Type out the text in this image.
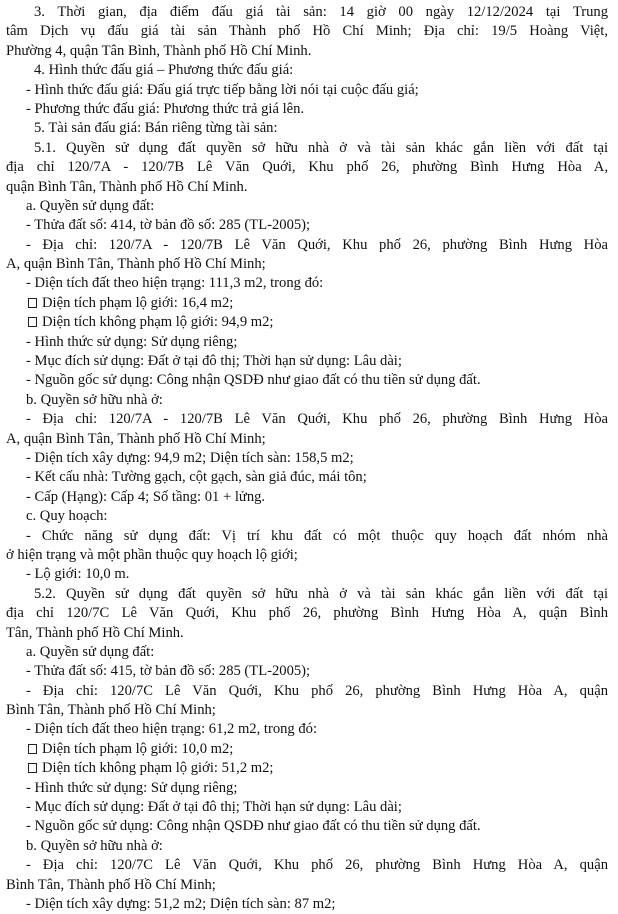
3. Thời gian, địa điểm đấu giá tài sản: 14 giờ 00 ngày 12/12/2024 tại Trung
tâm Dịch vụ đấu giá tài sản Thành phố Hồ Chí Minh; Địa chỉ: 19/5 Hoàng Việt,
Phường 4, quận Tân Bình, Thành phố Hồ Chí Minh.
4. Hình thức đấu giá – Phương thức đấu giá:
- Hình thức đấu giá: Đấu giá trực tiếp bằng lời nói tại cuộc đấu giá;
- Phương thức đấu giá: Phương thức trả giá lên.
5. Tài sản đấu giá: Bán riêng từng tài sản:
5.1. Quyền sử dụng đất quyền sở hữu nhà ở và tài sản khác gắn liền với đất tại
địa chỉ 120/7A - 120/7B Lê Văn Quới, Khu phố 26, phường Bình Hưng Hòa A,
quận Bình Tân, Thành phố Hồ Chí Minh.
a. Quyền sử dụng đất:
- Thửa đất số: 414, tờ bản đồ số: 285 (TL-2005);
- Địa chỉ: 120/7A - 120/7B Lê Văn Quới, Khu phố 26, phường Bình Hưng Hòa
A, quận Bình Tân, Thành phố Hồ Chí Minh;
- Diện tích đất theo hiện trạng: 111,3 m2, trong đó:
Diện tích phạm lộ giới: 16,4 m2;
Diện tích không phạm lộ giới: 94,9 m2;
- Hình thức sử dụng: Sử dụng riêng;
- Mục đích sử dụng: Đất ở tại đô thị; Thời hạn sử dụng: Lâu dài;
- Nguồn gốc sử dụng: Công nhận QSDĐ như giao đất có thu tiền sử dụng đất.
b. Quyền sở hữu nhà ở:
- Địa chỉ: 120/7A - 120/7B Lê Văn Quới, Khu phố 26, phường Bình Hưng Hòa
A, quận Bình Tân, Thành phố Hồ Chí Minh;
- Diện tích xây dựng: 94,9 m2; Diện tích sàn: 158,5 m2;
- Kết cấu nhà: Tường gạch, cột gạch, sàn giả đúc, mái tôn;
- Cấp (Hạng): Cấp 4; Số tầng: 01 + lửng.
c. Quy hoạch:
- Chức năng sử dụng đất: Vị trí khu đất có một thuộc quy hoạch đất nhóm nhà
ở hiện trạng và một phần thuộc quy hoạch lộ giới;
- Lộ giới: 10,0 m.
5.2. Quyền sử dụng đất quyền sở hữu nhà ở và tài sản khác gắn liền với đất tại
địa chỉ 120/7C Lê Văn Quới, Khu phố 26, phường Bình Hưng Hòa A, quận Bình
Tân, Thành phố Hồ Chí Minh.
a. Quyền sử dụng đất:
- Thửa đất số: 415, tờ bản đồ số: 285 (TL-2005);
- Địa chỉ: 120/7C Lê Văn Quới, Khu phố 26, phường Bình Hưng Hòa A, quận
Bình Tân, Thành phố Hồ Chí Minh;
- Diện tích đất theo hiện trạng: 61,2 m2, trong đó:
Diện tích phạm lộ giới: 10,0 m2;
Diện tích không phạm lộ giới: 51,2 m2;
- Hình thức sử dụng: Sử dụng riêng;
- Mục đích sử dụng: Đất ở tại đô thị; Thời hạn sử dụng: Lâu dài;
- Nguồn gốc sử dụng: Công nhận QSDĐ như giao đất có thu tiền sử dụng đất.
b. Quyền sở hữu nhà ở:
- Địa chỉ: 120/7C Lê Văn Quới, Khu phố 26, phường Bình Hưng Hòa A, quận
Bình Tân, Thành phố Hồ Chí Minh;
- Diện tích xây dựng: 51,2 m2; Diện tích sàn: 87 m2;
